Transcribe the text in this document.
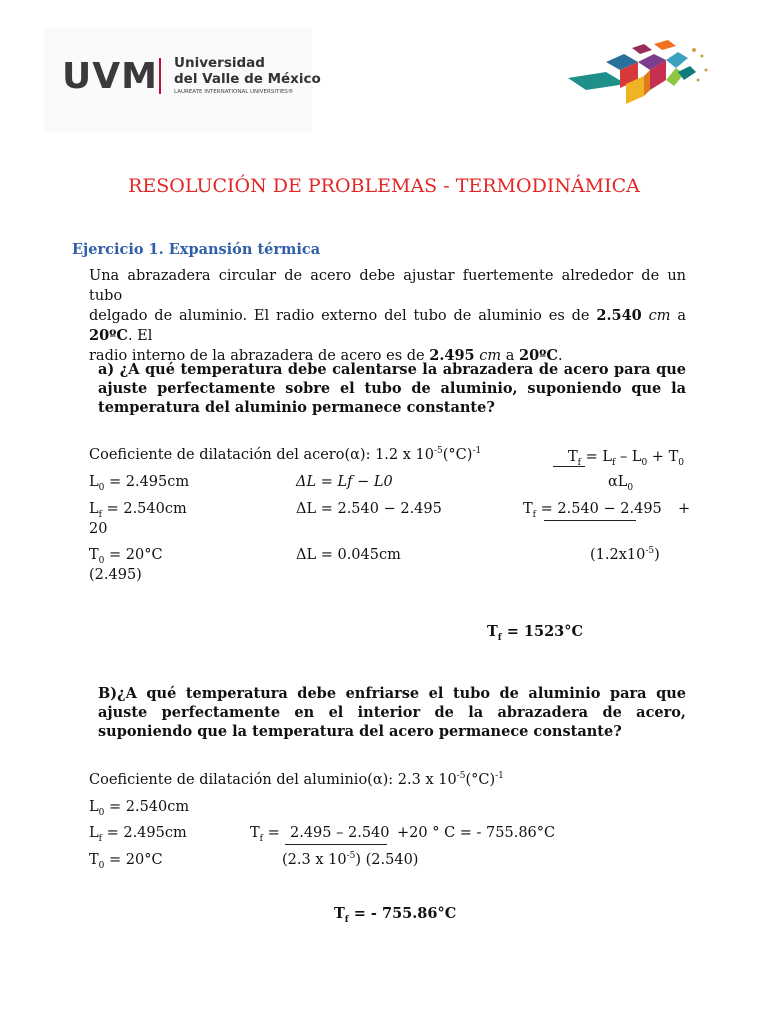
UVM Universidad
del Valle de México
LAUREATE INTERNATIONAL UNIVERSITIES®
RESOLUCIÓN DE PROBLEMAS - TERMODINÁMICA
Ejercicio 1. Expansión térmica
Una abrazadera circular de acero debe ajustar fuertemente alrededor de un tubo
delgado de aluminio. El radio externo del tubo de aluminio es de 2.540 cm a 20ºC. El
radio interno de la abrazadera de acero es de 2.495 cm a 20ºC.
a) ¿A qué temperatura debe calentarse la abrazadera de acero para que ajuste perfectamente sobre el tubo de aluminio, suponiendo que la temperatura del aluminio permanece constante?
Coeficiente de dilatación del acero(α): 1.2 x $10^{-5}(^\circ C)^{-1}$	$T_f = L_f - L_0 + T_0$
$\alpha L_0$
$L_0 = 2.495cm$	ΔL = Lf − L0
$L_f = 2.540cm$	ΔL = 2.540 − 2.495	$T_f = 2.540 - 2.495$ +
20
$T_0 = 20^\circ C$	ΔL = 0.045cm	$(1.2x10^{-5})$
(2.495)
$T_f = 1523^\circ C$
B)¿A qué temperatura debe enfriarse el tubo de aluminio para que ajuste perfectamente en el interior de la abrazadera de acero, suponiendo que la temperatura del acero permanece constante?
Coeficiente de dilatación del aluminio(α): 2.3 x $10^{-5}(^\circ C)^{-1}$
$L_0 = 2.540cm$
$L_f = 2.495cm$	$T_f = 2.495 - 2.540 +20$ ° C = - 755.86°C
$T_0 = 20^\circ C$	(2.3 x $10^{-5}$) (2.540)
$T_f$ = - 755.86°C
